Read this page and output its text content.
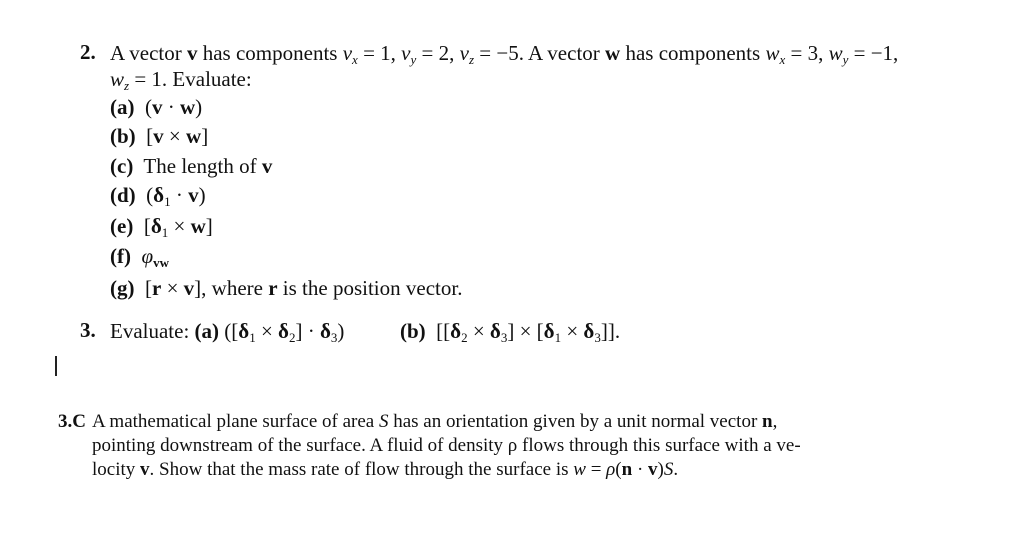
2. A vector v has components $v_x = 1$, $v_y = 2$, $v_z = -5$. A vector w has components $w_x = 3$, $w_y = -1$,
$w_z = 1$. Evaluate:
(a)  (v · w)
(b)  [v × w]
(c)  The length of v
(d)  $(\delta_1 \cdot v)$
(e)  $[\delta_1 \times w]$
(f) φvw
(g)  [r × v], where r is the position vector.
3. Evaluate: (a) $([\delta_1 \times \delta_2] \cdot \delta_3)$	(b)  $[[\delta_2 \times \delta_3] \times [\delta_1 \times \delta_3]]$.
3.C A mathematical plane surface of area S has an orientation given by a unit normal vector n,
pointing downstream of the surface. A fluid of density ρ flows through this surface with a ve-
locity v. Show that the mass rate of flow through the surface is w = ρ(n · v)S.
